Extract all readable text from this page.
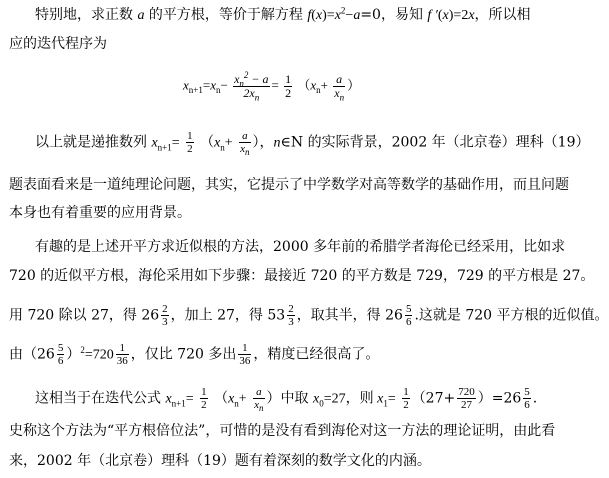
特别地，求正数 a 的平方根，等价于解方程 $f(x)=x^2-a=0$，易知 f ′(x)=2x，所以相
应的迭代程序为
$x_{n+1}=x_n- \frac{x_n^2 - a}{2x_n} = \frac{1}{2} (x_n+ \frac{a}{x_n}$ ）
以上就是递推数列 $x_{n+1}= \frac{1}{2} (x_n+ \frac{a}{x_n}$ ），n∈N 的实际背景，2002 年（北京卷）理科（19）
题表面看来是一道纯理论问题，其实，它提示了中学数学对高等数学的基础作用，而且问题
本身也有着重要的应用背景。
有趣的是上述开平方求近似根的方法，2000 多年前的希腊学者海伦已经采用，比如求
720 的近似平方根，海伦采用如下步骤：最接近 720 的平方数是 729，729 的平方根是 27。
用 720 除以 27，得 $26 \frac{2}{3}$ ，加上 27，得 $53 \frac{2}{3}$ ，取其半，得 $26 \frac{5}{6}$ .这就是 720 平方根的近似值。
由$(26 \frac{5}{6} )^2=720 \frac{1}{36}$ ，仅比 720 多出 $\frac{1}{36}$ ，精度已经很高了。
这相当于在迭代公式 $x_{n+1}= \frac{1}{2} (x_n+ \frac{a}{x_n}$ ）中取 $x_0=27$，则 $x_1= \frac{1}{2} (27+ \frac{720}{27} )=26 \frac{5}{6}$ .
史称这个方法为“平方根倍位法”，可惜的是没有看到海伦对这一方法的理论证明，由此看
来，2002 年（北京卷）理科（19）题有着深刻的数学文化的内涵。
